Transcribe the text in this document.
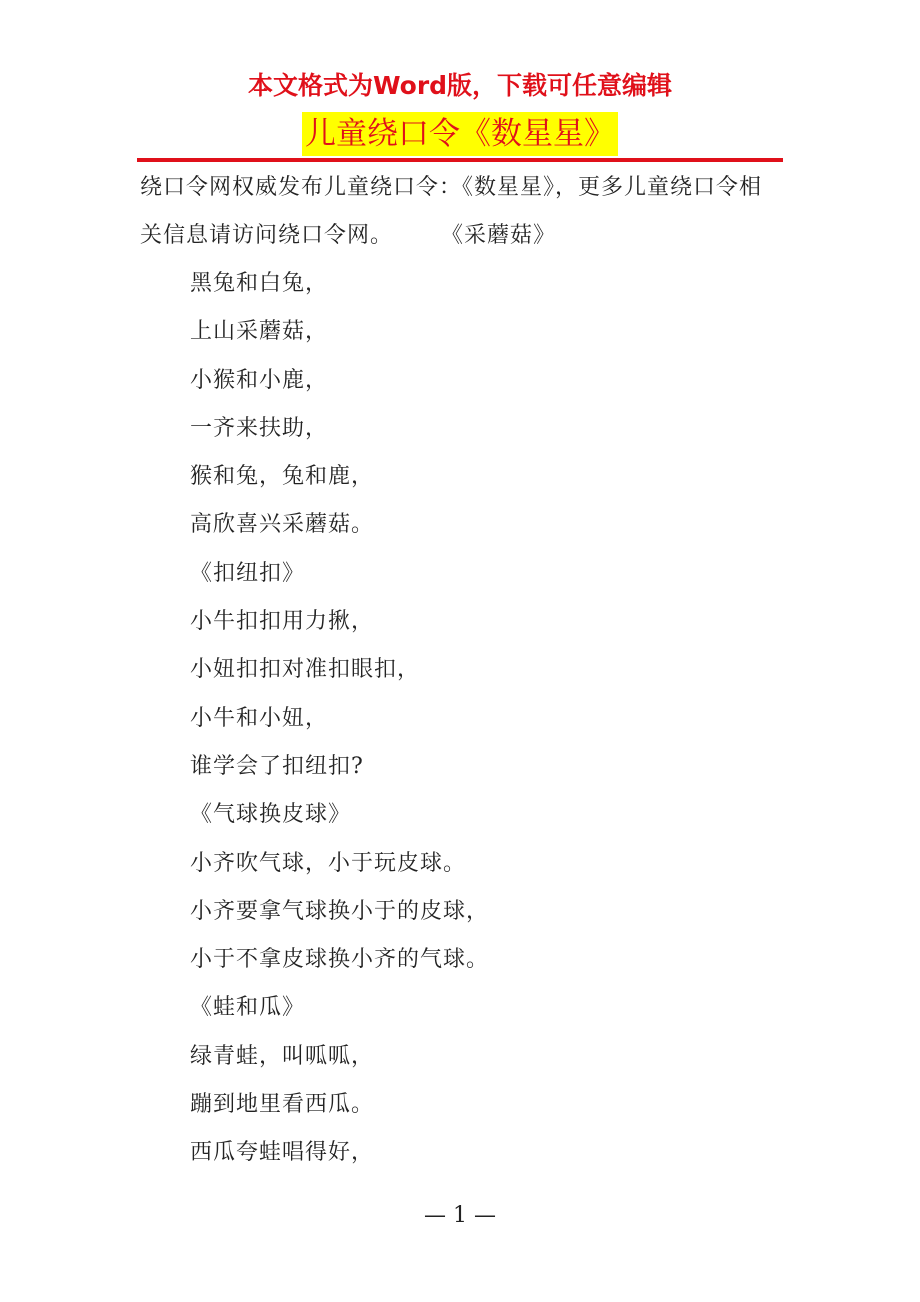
本文格式为Word版，下载可任意编辑
儿童绕口令《数星星》

绕口令网权威发布儿童绕口令：《数星星》，更多儿童绕口令相关信息请访问绕口令网。 《采蘑菇》

黑兔和白兔，
上山采蘑菇，
小猴和小鹿，
一齐来扶助，
猴和兔，兔和鹿，
高欣喜兴采蘑菇。
《扣纽扣》
小牛扣扣用力揪，
小妞扣扣对准扣眼扣，
小牛和小妞，
谁学会了扣纽扣?
《气球换皮球》
小齐吹气球，小于玩皮球。
小齐要拿气球换小于的皮球，
小于不拿皮球换小齐的气球。
《蛙和瓜》
绿青蛙，叫呱呱，
蹦到地里看西瓜。
西瓜夸蛙唱得好，
— 1 —
